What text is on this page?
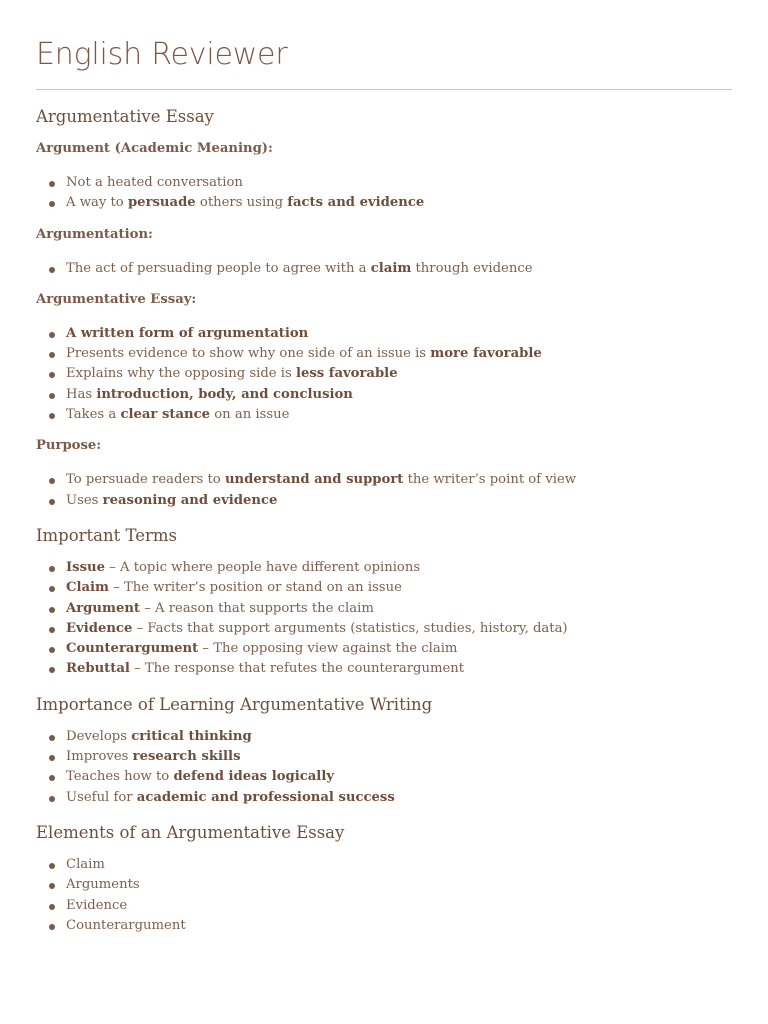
English Reviewer
Argumentative Essay

Argument (Academic Meaning):

Not a heated conversation
A way to persuade others using facts and evidence

Argumentation:

The act of persuading people to agree with a claim through evidence

Argumentative Essay:

A written form of argumentation
Presents evidence to show why one side of an issue is more favorable
Explains why the opposing side is less favorable
Has introduction, body, and conclusion
Takes a clear stance on an issue

Purpose:

To persuade readers to understand and support the writer’s point of view
Uses reasoning and evidence
Important Terms
Issue – A topic where people have different opinions
Claim – The writer’s position or stand on an issue
Argument – A reason that supports the claim
Evidence – Facts that support arguments (statistics, studies, history, data)
Counterargument – The opposing view against the claim
Rebuttal – The response that refutes the counterargument
Importance of Learning Argumentative Writing
Develops critical thinking
Improves research skills
Teaches how to defend ideas logically
Useful for academic and professional success
Elements of an Argumentative Essay
Claim
Arguments
Evidence
Counterargument
